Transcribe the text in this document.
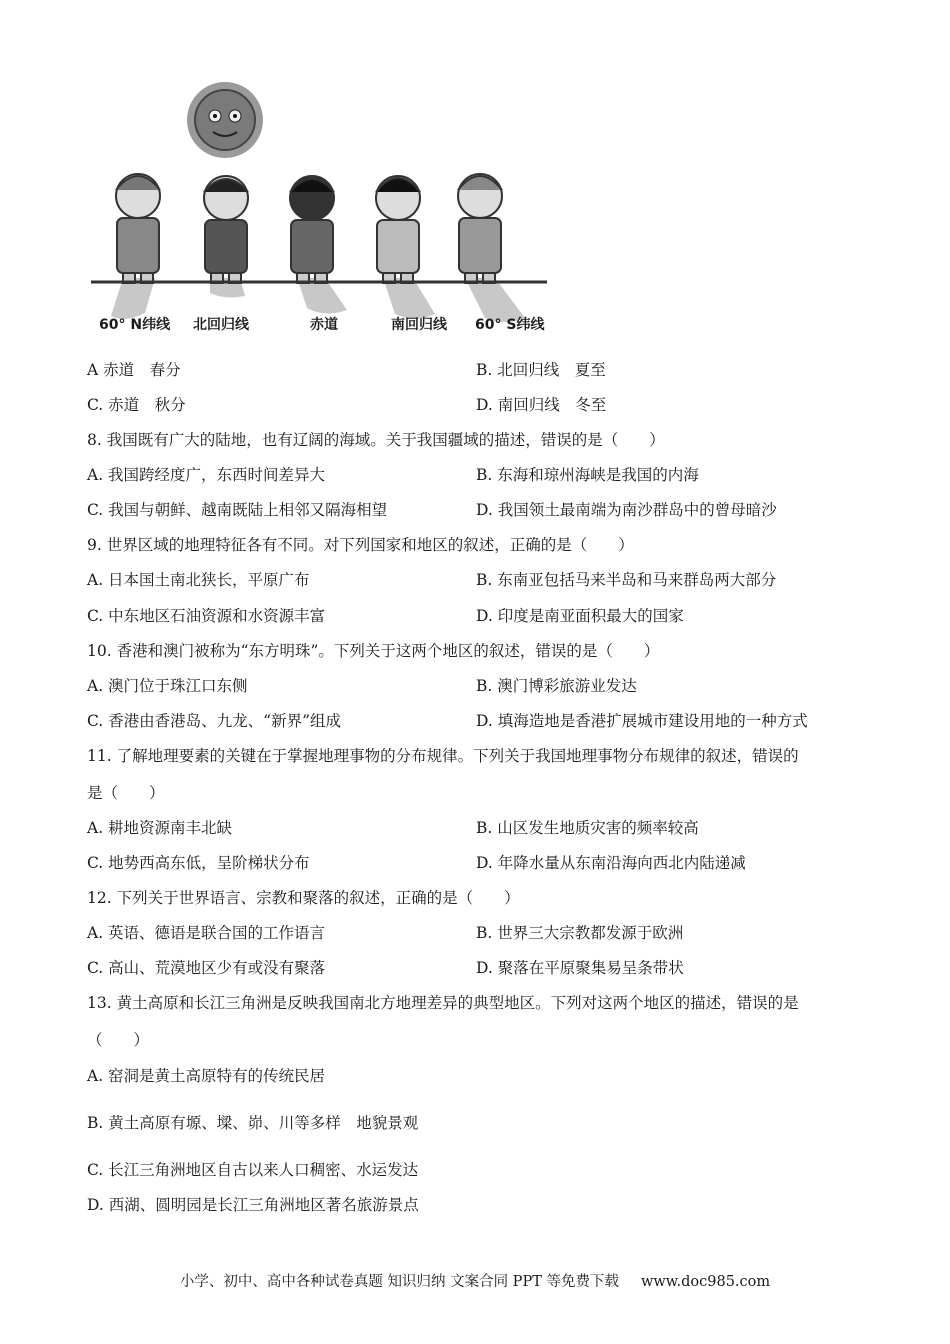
60° N纬线 北回归线	赤道	南回归线 60° S纬线
A 赤道　春分	B. 北回归线　夏至
C. 赤道　秋分	D. 南回归线　冬至
8. 我国既有广大的陆地，也有辽阔的海域。关于我国疆域的描述，错误的是（　　）
A. 我国跨经度广，东西时间差异大	B. 东海和琼州海峡是我国的内海
C. 我国与朝鲜、越南既陆上相邻又隔海相望	D. 我国领土最南端为南沙群岛中的曾母暗沙
9. 世界区域的地理特征各有不同。对下列国家和地区的叙述，正确的是（　　）
A. 日本国土南北狭长，平原广布	B. 东南亚包括马来半岛和马来群岛两大部分
C. 中东地区石油资源和水资源丰富	D. 印度是南亚面积最大的国家
10. 香港和澳门被称为“东方明珠”。下列关于这两个地区的叙述，错误的是（　　）
A. 澳门位于珠江口东侧	B. 澳门博彩旅游业发达
C. 香港由香港岛、九龙、“新界”组成	D. 填海造地是香港扩展城市建设用地的一种方式
11. 了解地理要素的关键在于掌握地理事物的分布规律。下列关于我国地理事物分布规律的叙述，错误的
是（　　）
A. 耕地资源南丰北缺	B. 山区发生地质灾害的频率较高
C. 地势西高东低，呈阶梯状分布	D. 年降水量从东南沿海向西北内陆递减
12. 下列关于世界语言、宗教和聚落的叙述，正确的是（　　）
A. 英语、德语是联合国的工作语言	B. 世界三大宗教都发源于欧洲
C. 高山、荒漠地区少有或没有聚落	D. 聚落在平原聚集易呈条带状
13. 黄土高原和长江三角洲是反映我国南北方地理差异的典型地区。下列对这两个地区的描述，错误的是
（　　）
A. 窑洞是黄土高原特有的传统民居
B. 黄土高原有塬、墚、峁、川等多样　地貌景观
C. 长江三角洲地区自古以来人口稠密、水运发达
D. 西湖、圆明园是长江三角洲地区著名旅游景点
小学、初中、高中各种试卷真题 知识归纳 文案合同 PPT 等免费下载 www.doc985.com
